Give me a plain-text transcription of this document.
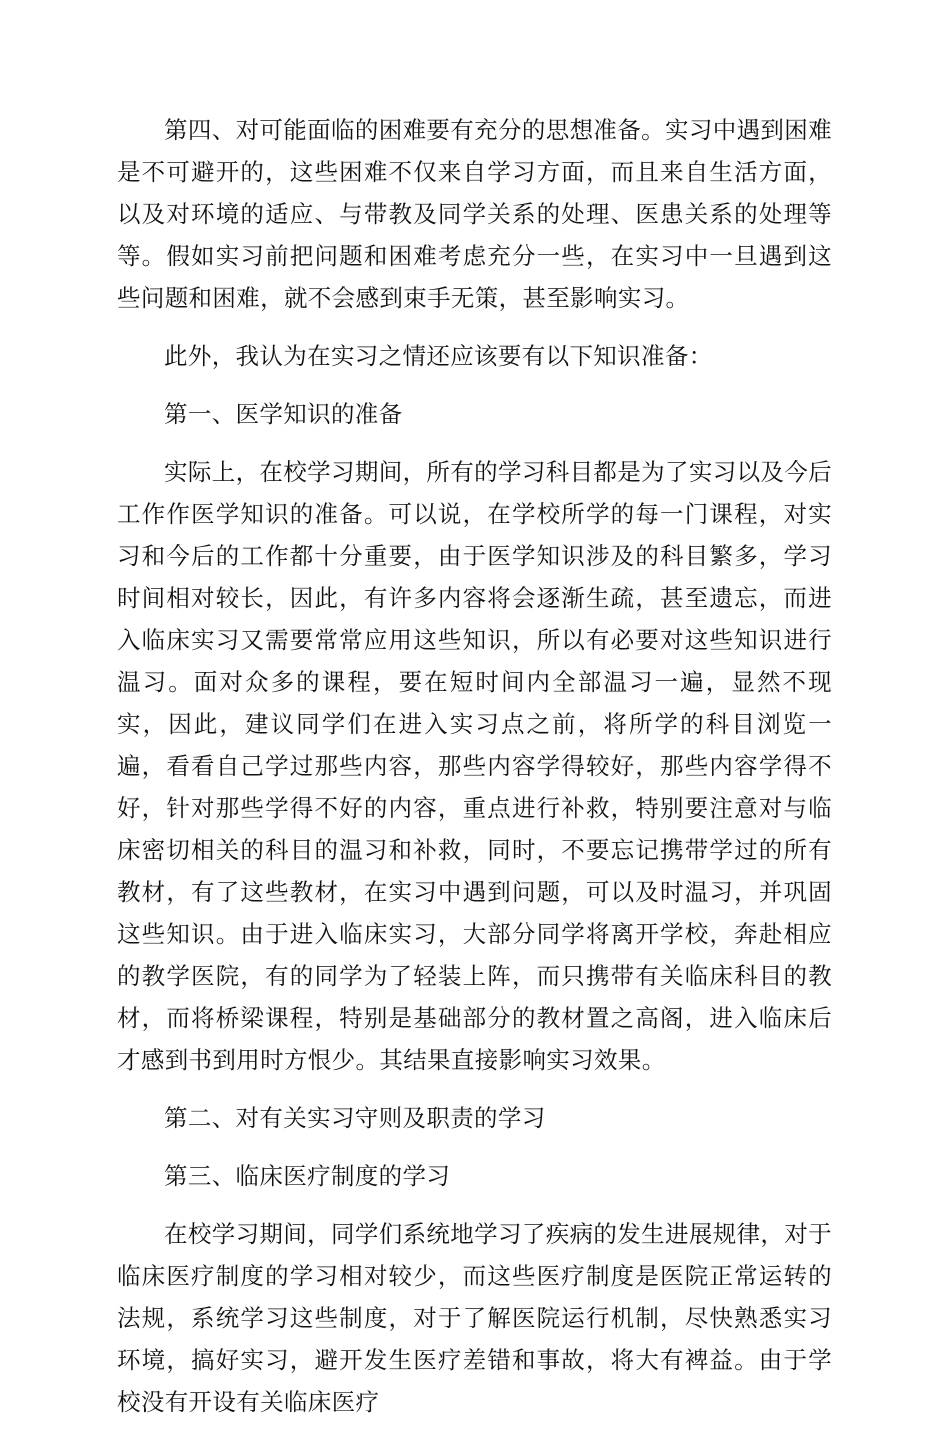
第四、对可能面临的困难要有充分的思想准备。实习中遇到困难是不可避开的，这些困难不仅来自学习方面，而且来自生活方面，以及对环境的适应、与带教及同学关系的处理、医患关系的处理等等。假如实习前把问题和困难考虑充分一些，在实习中一旦遇到这些问题和困难，就不会感到束手无策，甚至影响实习。

此外，我认为在实习之情还应该要有以下知识准备：

第一、医学知识的准备

实际上，在校学习期间，所有的学习科目都是为了实习以及今后工作作医学知识的准备。可以说，在学校所学的每一门课程，对实习和今后的工作都十分重要，由于医学知识涉及的科目繁多，学习时间相对较长，因此，有许多内容将会逐渐生疏，甚至遗忘，而进入临床实习又需要常常应用这些知识，所以有必要对这些知识进行温习。面对众多的课程，要在短时间内全部温习一遍，显然不现实，因此，建议同学们在进入实习点之前，将所学的科目浏览一遍，看看自己学过那些内容，那些内容学得较好，那些内容学得不好，针对那些学得不好的内容，重点进行补救，特别要注意对与临床密切相关的科目的温习和补救，同时，不要忘记携带学过的所有教材，有了这些教材，在实习中遇到问题，可以及时温习，并巩固这些知识。由于进入临床实习，大部分同学将离开学校，奔赴相应的教学医院，有的同学为了轻装上阵，而只携带有关临床科目的教材，而将桥梁课程，特别是基础部分的教材置之高阁，进入临床后才感到书到用时方恨少。其结果直接影响实习效果。

第二、对有关实习守则及职责的学习

第三、临床医疗制度的学习

在校学习期间，同学们系统地学习了疾病的发生进展规律，对于临床医疗制度的学习相对较少，而这些医疗制度是医院正常运转的法规，系统学习这些制度，对于了解医院运行机制，尽快熟悉实习环境，搞好实习，避开发生医疗差错和事故，将大有裨益。由于学校没有开设有关临床医疗
